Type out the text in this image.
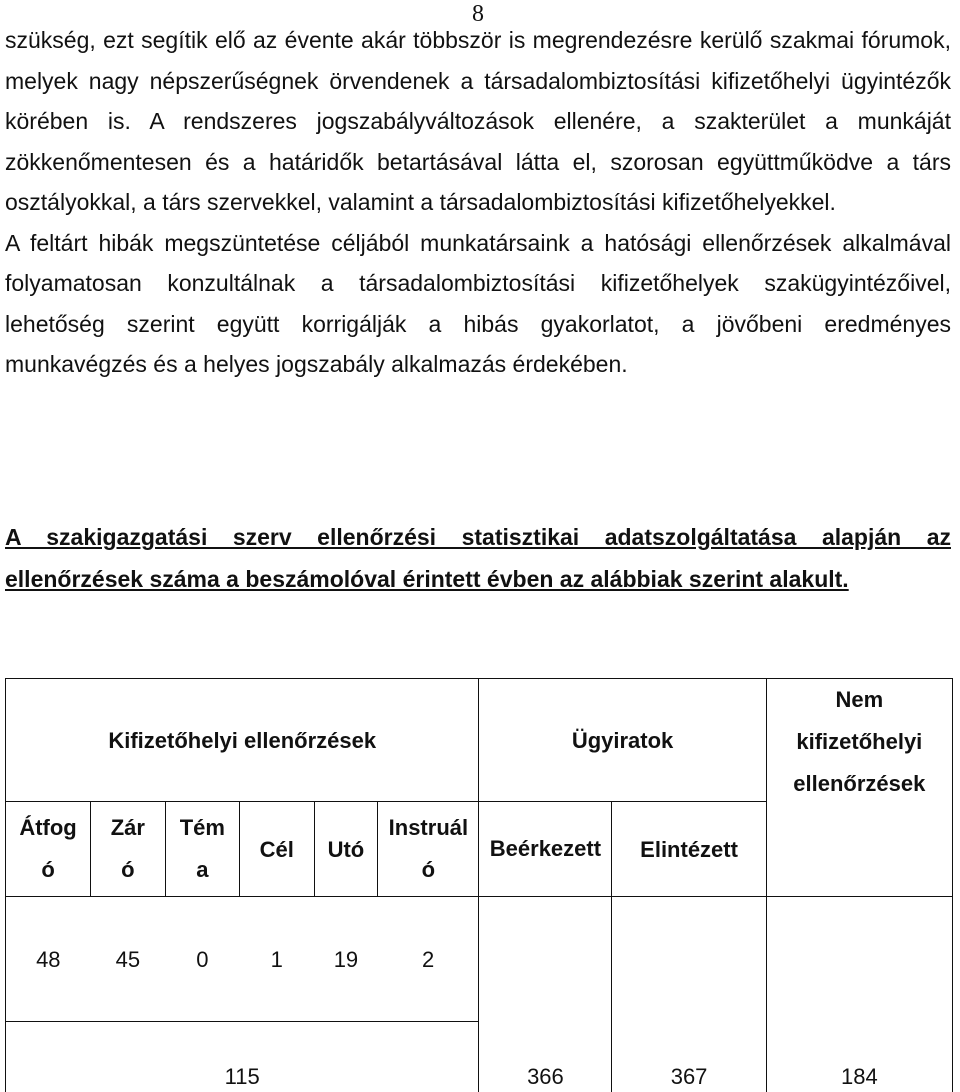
8

szükség, ezt segítik elő az évente akár többször is megrendezésre kerülő szakmai fórumok, melyek nagy népszerűségnek örvendenek a társadalombiztosítási kifizetőhelyi ügyintézők körében is. A rendszeres jogszabályváltozások ellenére, a szakterület a munkáját zökkenőmentesen és a határidők betartásával látta el, szorosan együttműködve a társ osztályokkal, a társ szervekkel, valamint a társadalombiztosítási kifizetőhelyekkel.

A feltárt hibák megszüntetése céljából munkatársaink a hatósági ellenőrzések alkalmával folyamatosan konzultálnak a társadalombiztosítási kifizetőhelyek szakügyintézőivel, lehetőség szerint együtt korrigálják a hibás gyakorlatot, a jövőbeni eredményes munkavégzés és a helyes jogszabály alkalmazás érdekében.

A szakigazgatási szerv ellenőrzési statisztikai adatszolgáltatása alapján az ellenőrzések száma a beszámolóval érintett évben az alábbiak szerint alakult.
Kifizetőhelyi ellenőrzések						Ügyiratok		Nem kifizetőhelyi ellenőrzések

Átfogó	Záró	Téma	Cél	Utó	Instruáló	Beérkezett	Elintézett	
48	45	0	1	19	2	366	367	184

115								
